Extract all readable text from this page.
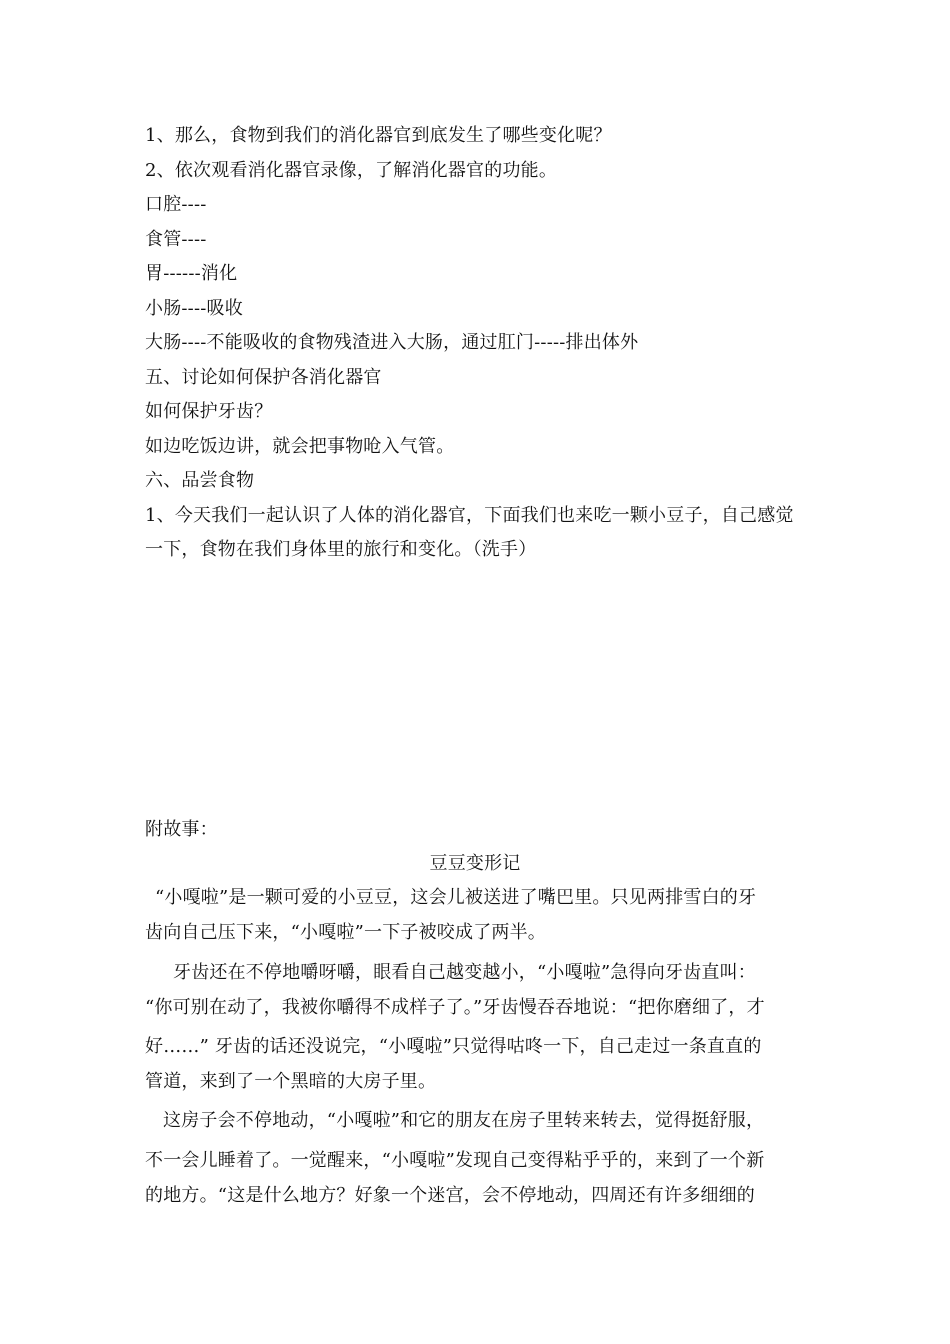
1、那么，食物到我们的消化器官到底发生了哪些变化呢？
2、依次观看消化器官录像，了解消化器官的功能。
口腔----
食管----
胃------消化
小肠----吸收
大肠----不能吸收的食物残渣进入大肠，通过肛门-----排出体外
五、讨论如何保护各消化器官
如何保护牙齿？
如边吃饭边讲，就会把事物呛入气管。
六、品尝食物
1、今天我们一起认识了人体的消化器官，下面我们也来吃一颗小豆子，自己感觉
一下，食物在我们身体里的旅行和变化。（洗手）
附故事：
豆豆变形记
“小嘎啦”是一颗可爱的小豆豆，这会儿被送进了嘴巴里。只见两排雪白的牙
齿向自己压下来，“小嘎啦”一下子被咬成了两半。
牙齿还在不停地嚼呀嚼，眼看自己越变越小，“小嘎啦”急得向牙齿直叫：
“你可别在动了，我被你嚼得不成样子了。”牙齿慢吞吞地说：“把你磨细了，才
好……” 牙齿的话还没说完，“小嘎啦”只觉得咕咚一下，自己走过一条直直的
管道，来到了一个黑暗的大房子里。
这房子会不停地动，“小嘎啦”和它的朋友在房子里转来转去，觉得挺舒服，
不一会儿睡着了。一觉醒来，“小嘎啦”发现自己变得粘乎乎的，来到了一个新
的地方。“这是什么地方？好象一个迷宫，会不停地动，四周还有许多细细的
